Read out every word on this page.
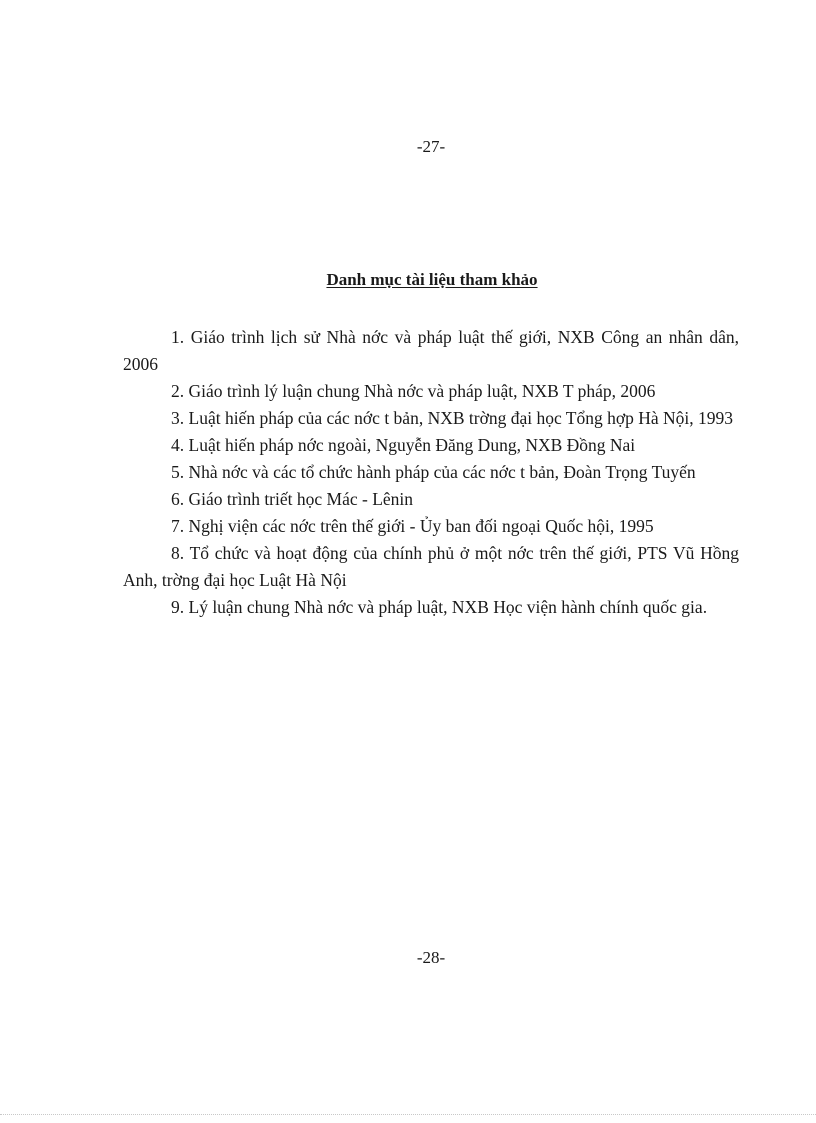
-27-
Danh mục tài liệu tham khảo
1. Giáo trình lịch sử Nhà nớc và pháp luật thế giới, NXB Công an nhân dân, 2006
2. Giáo trình lý luận chung Nhà nớc và pháp luật, NXB T pháp, 2006
3. Luật hiến pháp của các nớc t bản, NXB trờng đại học Tổng hợp Hà Nội, 1993
4. Luật hiến pháp nớc ngoài, Nguyễn Đăng Dung, NXB Đồng Nai
5. Nhà nớc và các tổ chức hành pháp của các nớc t bản, Đoàn Trọng Tuyến
6. Giáo trình triết học Mác - Lênin
7. Nghị viện các nớc trên thế giới - Ủy ban đối ngoại Quốc hội, 1995
8. Tổ chức và hoạt động của chính phủ ở một nớc trên thế giới, PTS Vũ Hồng Anh, trờng đại học Luật Hà Nội
9. Lý luận chung Nhà nớc và pháp luật, NXB Học viện hành chính quốc gia.
-28-
